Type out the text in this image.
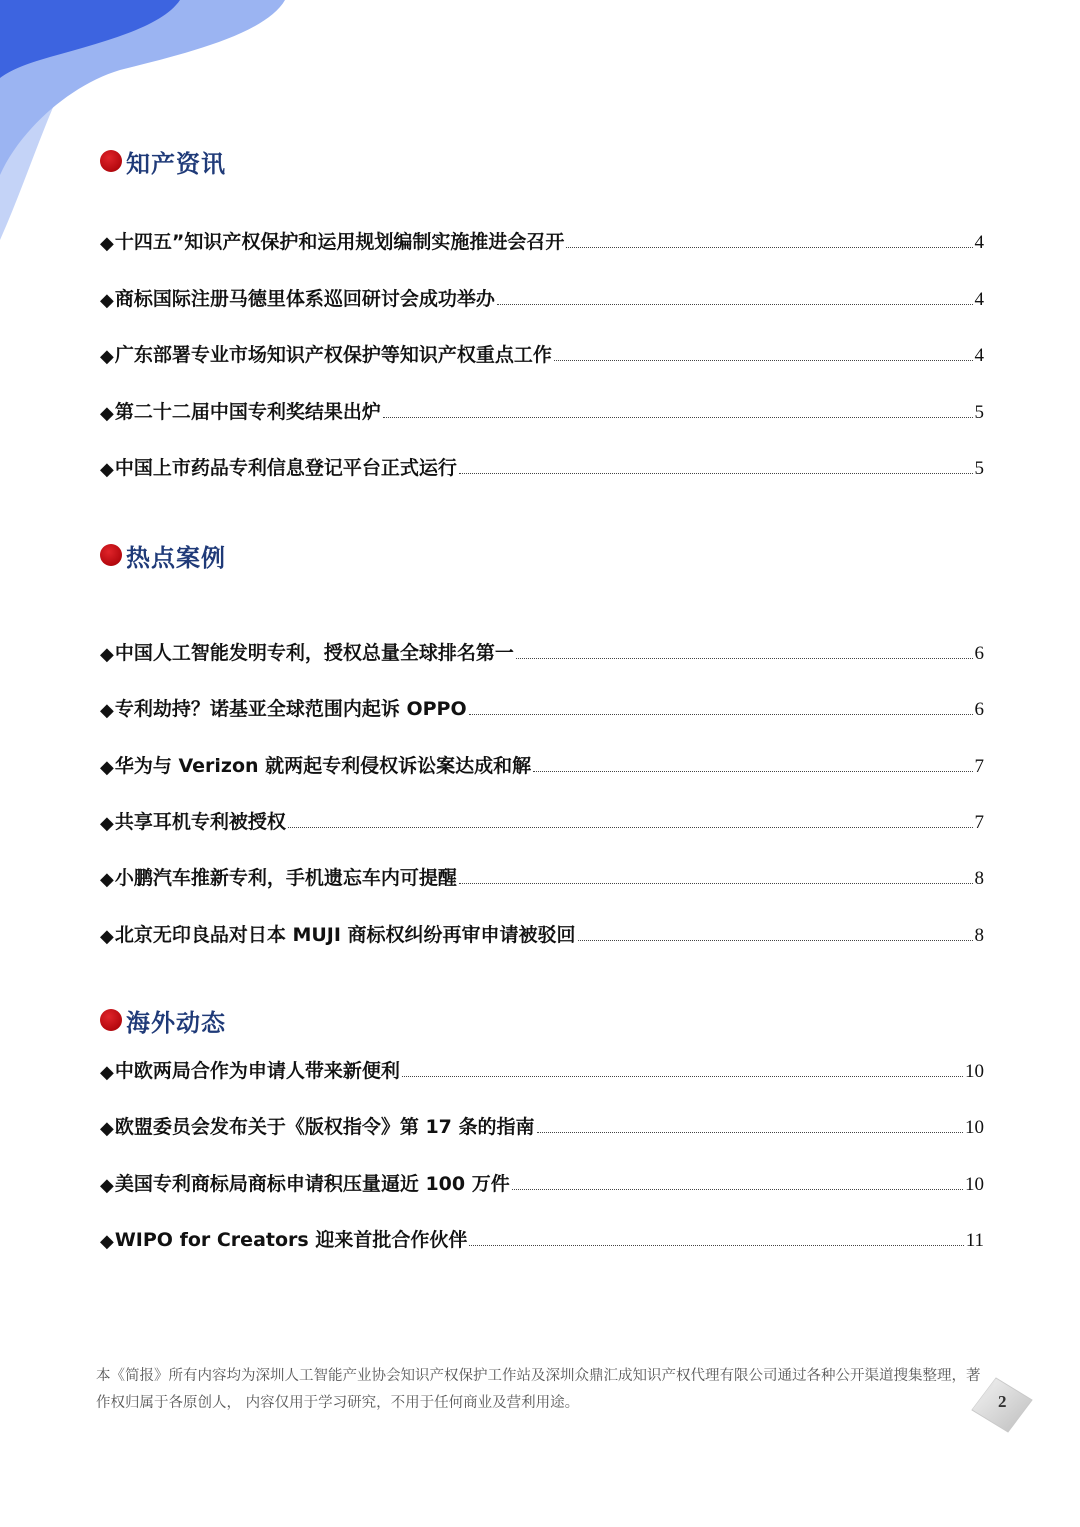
知产资讯
◆ 十四五”知识产权保护和运用规划编制实施推进会召开	4
◆ 商标国际注册马德里体系巡回研讨会成功举办	4
◆ 广东部署专业市场知识产权保护等知识产权重点工作	4
◆ 第二十二届中国专利奖结果出炉	5
◆ 中国上市药品专利信息登记平台正式运行	5
热点案例
◆ 中国人工智能发明专利，授权总量全球排名第一	6
◆ 专利劫持？诺基亚全球范围内起诉 OPPO	6
◆ 华为与 Verizon 就两起专利侵权诉讼案达成和解	7
◆ 共享耳机专利被授权	7
◆ 小鹏汽车推新专利，手机遗忘车内可提醒	8
◆ 北京无印良品对日本 MUJI 商标权纠纷再审申请被驳回	8
海外动态
◆ 中欧两局合作为申请人带来新便利	10
◆ 欧盟委员会发布关于《版权指令》第 17 条的指南	10
◆ 美国专利商标局商标申请积压量逼近 100 万件	10
◆ WIPO for Creators 迎来首批合作伙伴	11
本《简报》所有内容均为深圳人工智能产业协会知识产权保护工作站及深圳众鼎汇成知识产权代理有限公司通过各种公开渠道搜集整理，著作权归属于各原创人， 内容仅用于学习研究，不用于任何商业及营利用途。	2
